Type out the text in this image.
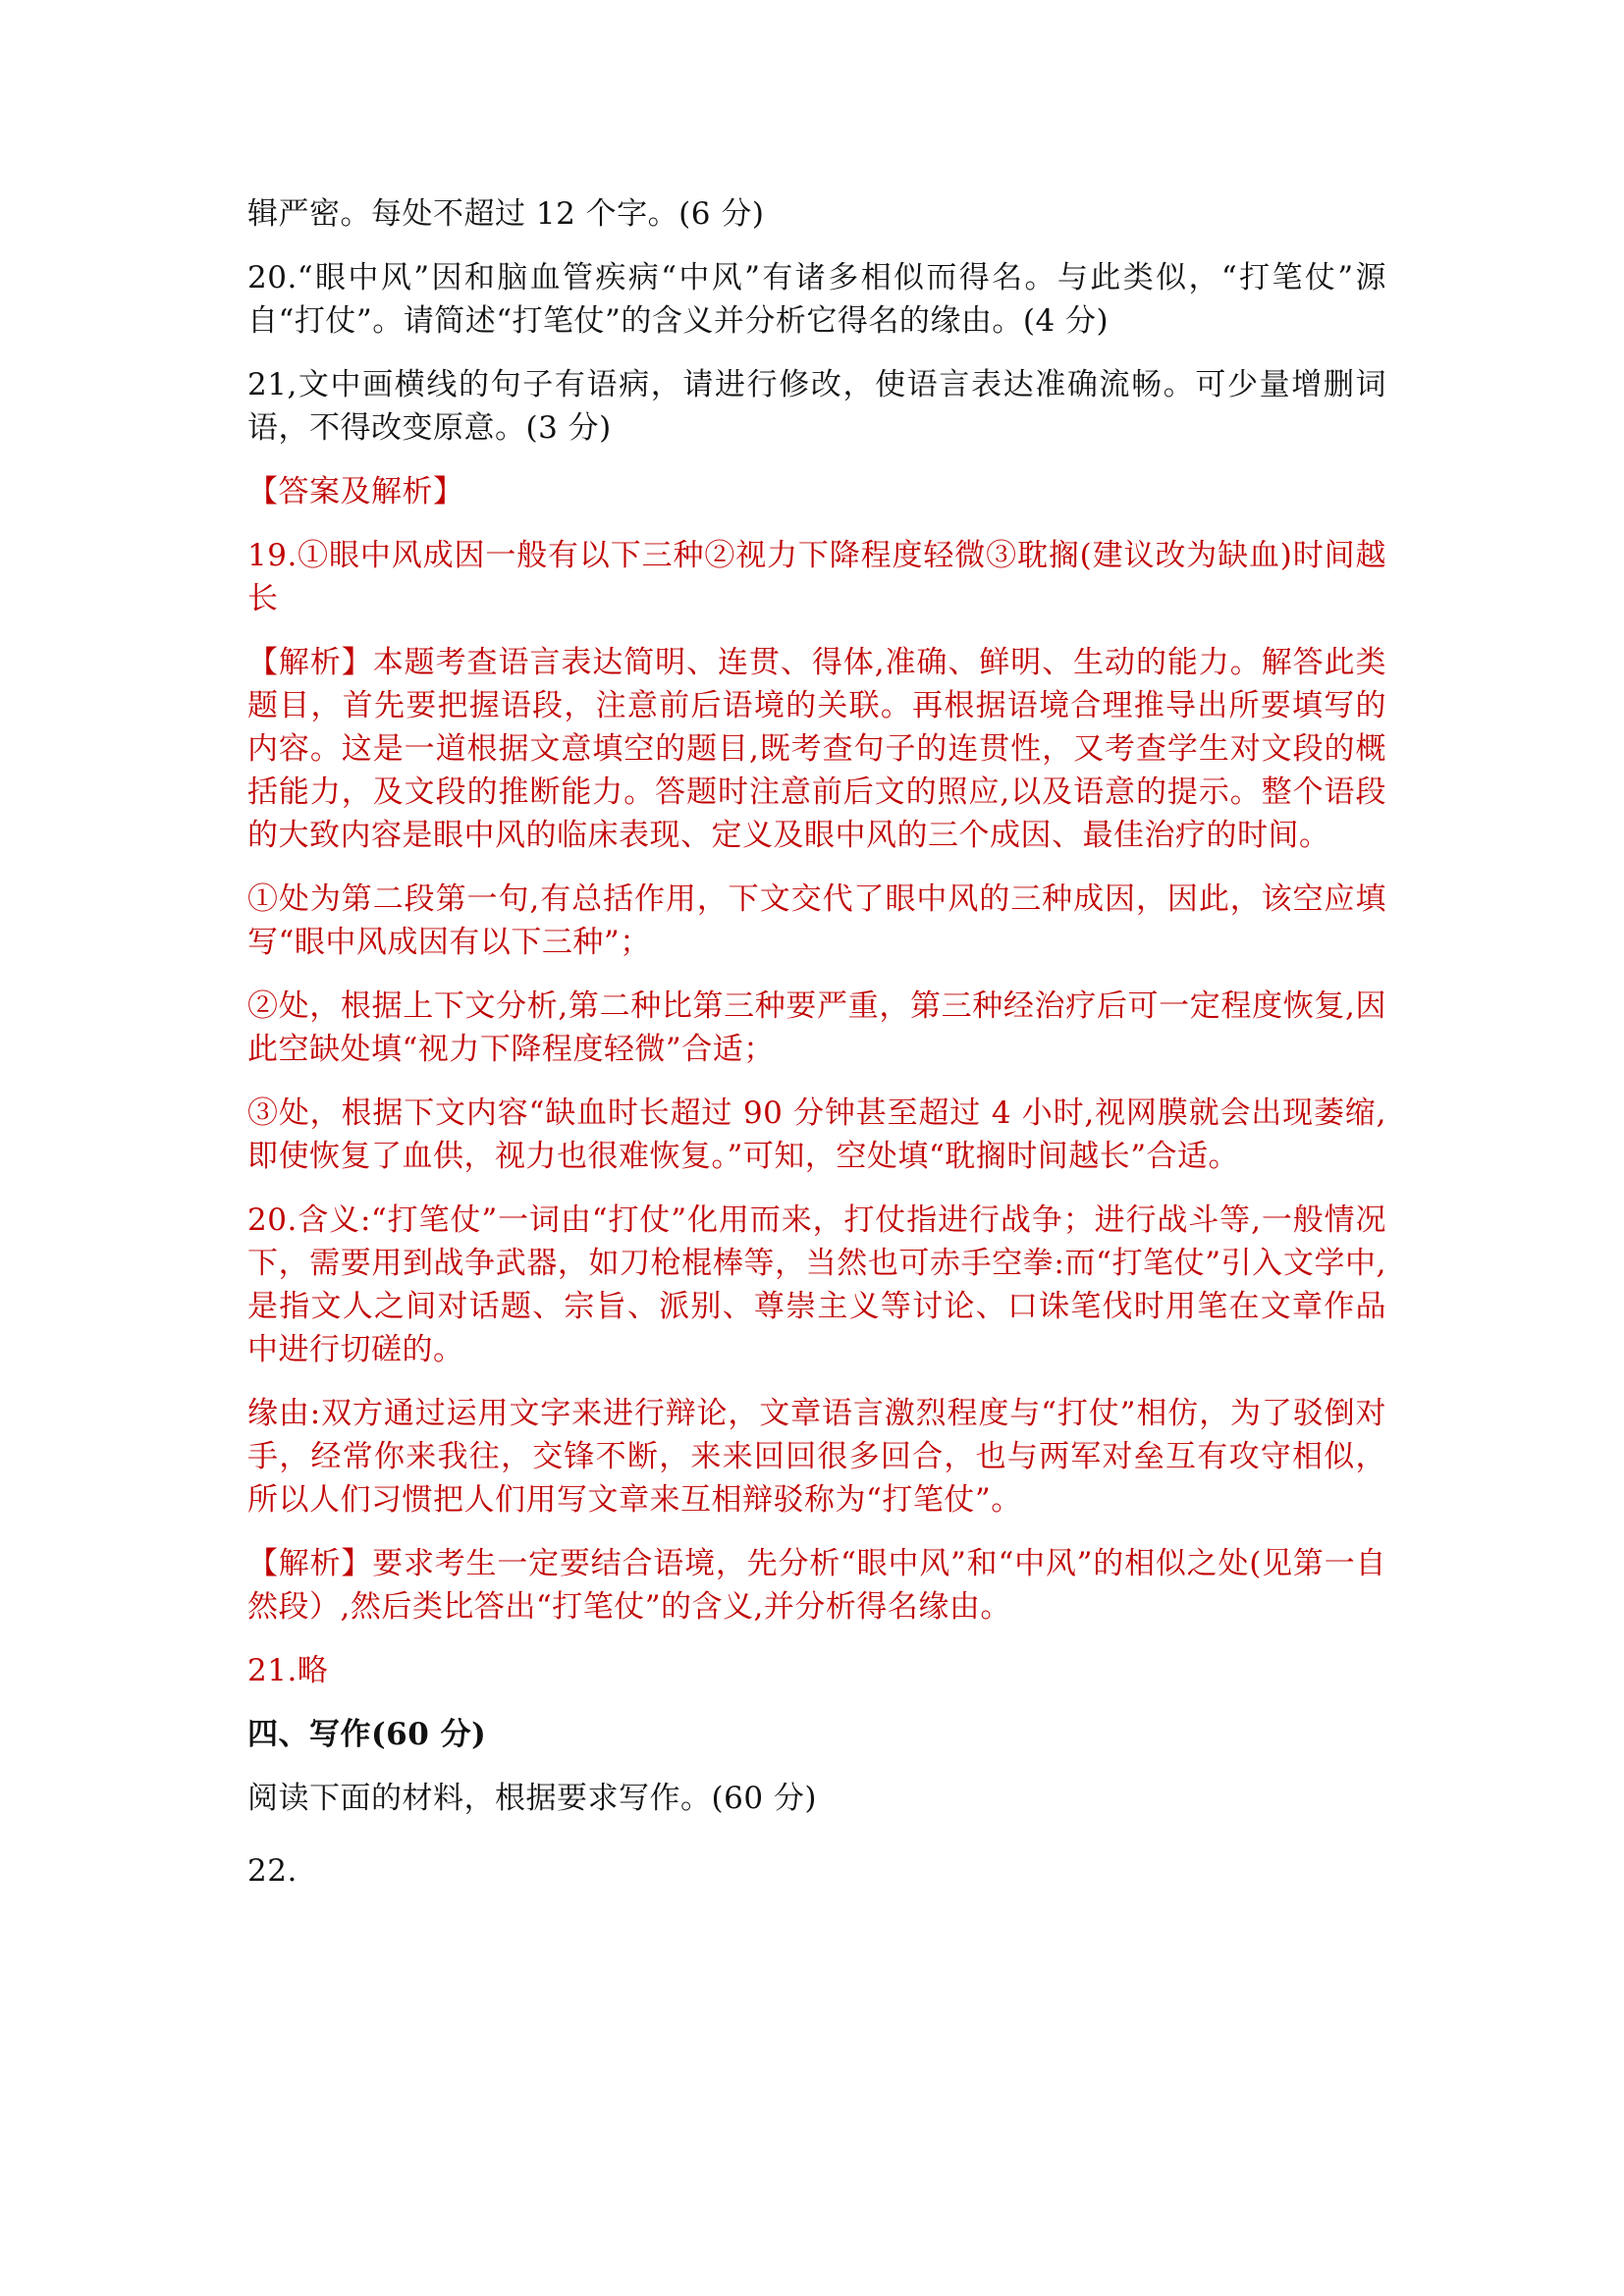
辑严密。每处不超过 12 个字。(6 分)

20.“眼中风”因和脑血管疾病“中风”有诸多相似而得名。与此类似，“打笔仗”源自“打仗”。请简述“打笔仗”的含义并分析它得名的缘由。(4 分)

21,文中画横线的句子有语病，请进行修改，使语言表达准确流畅。可少量增删词语，不得改变原意。(3 分)

【答案及解析】

19.①眼中风成因一般有以下三种②视力下降程度轻微③耽搁(建议改为缺血)时间越长

【解析】本题考查语言表达简明、连贯、得体,准确、鲜明、生动的能力。解答此类题目，首先要把握语段，注意前后语境的关联。再根据语境合理推导出所要填写的内容。这是一道根据文意填空的题目,既考查句子的连贯性，又考查学生对文段的概括能力，及文段的推断能力。答题时注意前后文的照应,以及语意的提示。整个语段的大致内容是眼中风的临床表现、定义及眼中风的三个成因、最佳治疗的时间。

①处为第二段第一句,有总括作用，下文交代了眼中风的三种成因，因此，该空应填写“眼中风成因有以下三种”；

②处，根据上下文分析,第二种比第三种要严重，第三种经治疗后可一定程度恢复,因此空缺处填“视力下降程度轻微”合适；

③处，根据下文内容“缺血时长超过 90 分钟甚至超过 4 小时,视网膜就会出现萎缩,即使恢复了血供，视力也很难恢复。”可知，空处填“耽搁时间越长”合适。

20.含义:“打笔仗”一词由“打仗”化用而来，打仗指进行战争；进行战斗等,一般情况下，需要用到战争武器，如刀枪棍棒等，当然也可赤手空拳:而“打笔仗”引入文学中,是指文人之间对话题、宗旨、派别、尊崇主义等讨论、口诛笔伐时用笔在文章作品中进行切磋的。

缘由:双方通过运用文字来进行辩论，文章语言激烈程度与“打仗”相仿，为了驳倒对手，经常你来我往，交锋不断，来来回回很多回合，也与两军对垒互有攻守相似，所以人们习惯把人们用写文章来互相辩驳称为“打笔仗”。

【解析】要求考生一定要结合语境，先分析“眼中风”和“中风”的相似之处(见第一自然段）,然后类比答出“打笔仗”的含义,并分析得名缘由。

21.略

四、写作(60 分)

阅读下面的材料，根据要求写作。(60 分)

22.
